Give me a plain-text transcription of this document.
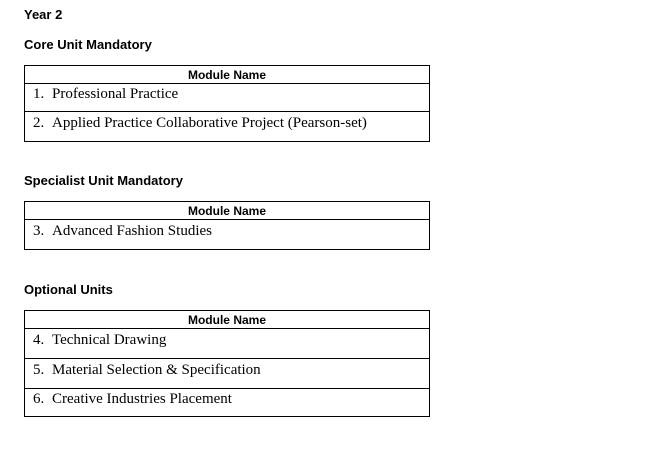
Year 2
Core Unit Mandatory
Module Name
1. Professional Practice
2. Applied Practice Collaborative Project (Pearson-set)
Specialist Unit Mandatory
Module Name
3. Advanced Fashion Studies
Optional Units
Module Name
4. Technical Drawing
5. Material Selection & Specification
6. Creative Industries Placement
